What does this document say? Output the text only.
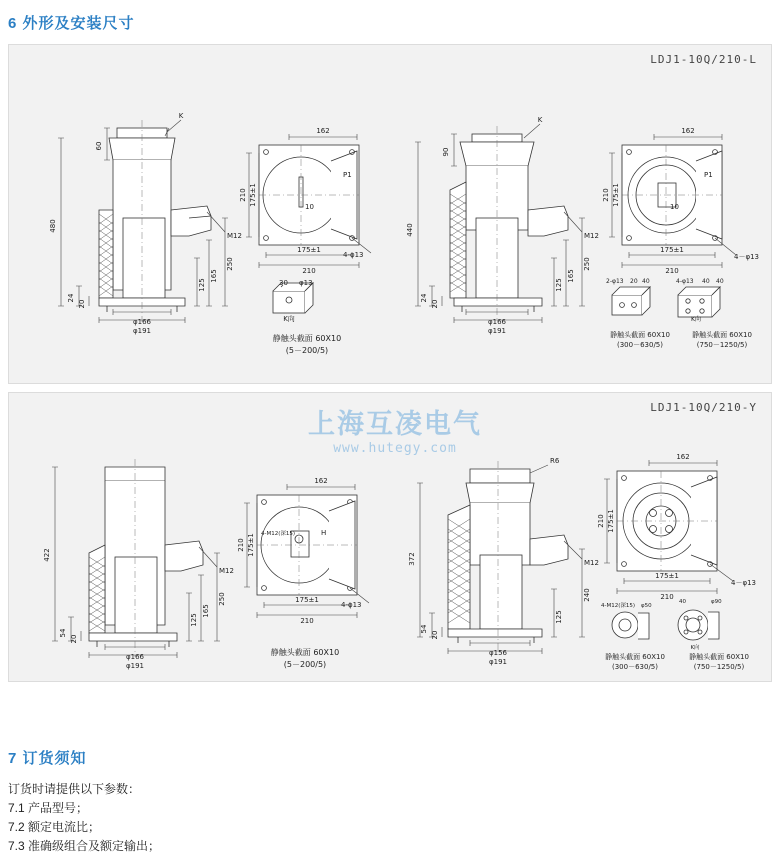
6 外形及安装尺寸
LDJ1-10Q/210-L
480
60
K
M12
250
165
125
24
20
φ166
φ191
162
210 175±1
175±1
210
P1
10
4-φ13
30 φ13
K向
静触头截面 60X10
(5－200/5)
440
90
K
M12
250
165
125
24
20
φ166
φ191
162
210 175±1
175±1
210
P1
10
4－φ13
2-φ13 20 40	4-φ13 40 40
K向
静触头截面 60X10
(300－630/5)
静触头截面 60X10
(750－1250/5)
LDJ1-10Q/210-Y
422
M12
250
165
125
54
20
φ166
φ191
162
210 175±1
175±1
210
4-φ13
H
4-M12(深15)
静触头截面 60X10
(5－200/5)
372
R6
M12
240
125
54
20
φ156
φ191
162
210 175±1
175±1
210
4－φ13
4-M12(深15) φ50
40	φ90
K向
静触头截面 60X10
(300－630/5)
静触头截面 60X10
(750－1250/5)
上海互凌电气
www.hutegy.com
7 订货须知
订货时请提供以下参数：
7.1 产品型号；
7.2 额定电流比；
7.3 准确级组合及额定输出；
